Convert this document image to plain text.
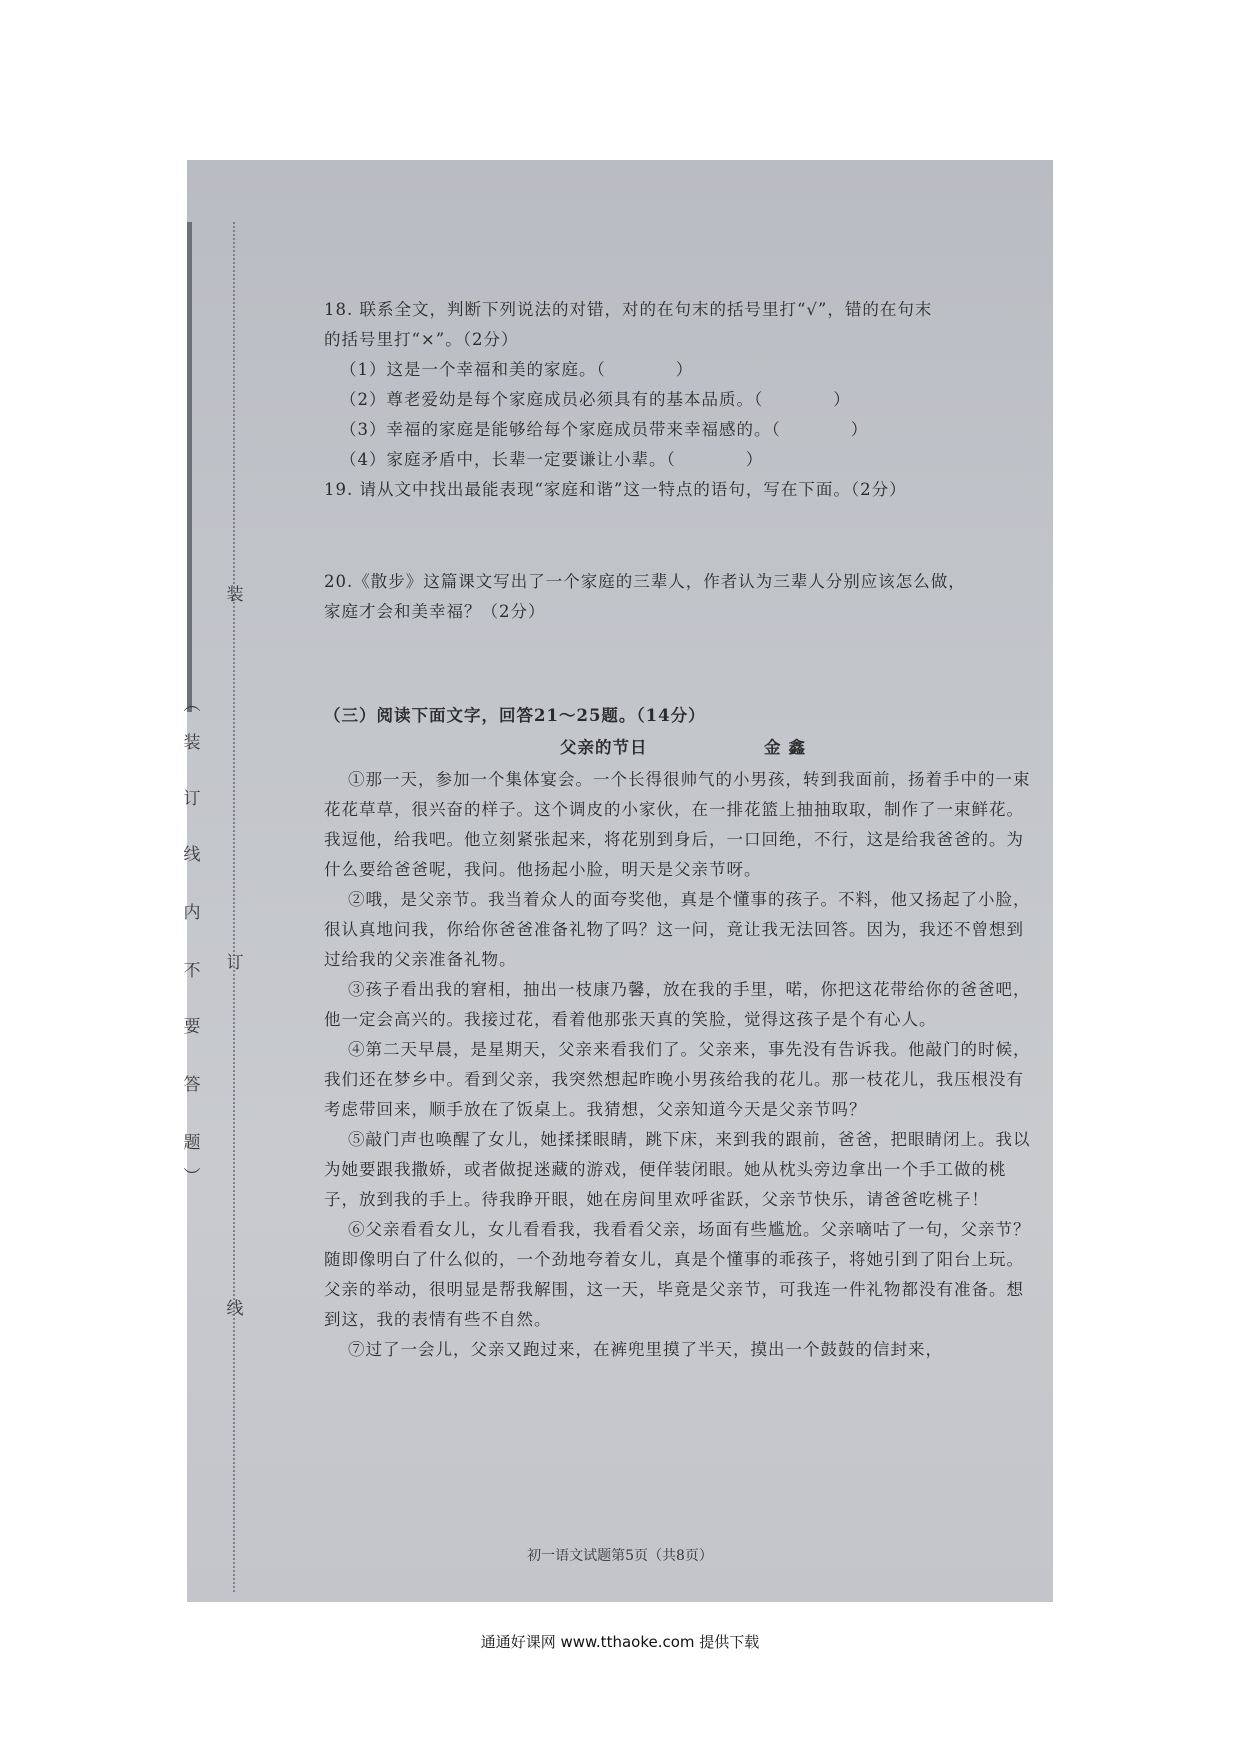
装
︵
装
订
线
内
不
要
答
题
︶
订
线
18. 联系全文，判断下列说法的对错，对的在句末的括号里打“√”，错的在句末
的括号里打“×”。（2分）
（1）这是一个幸福和美的家庭。（　　　　）
（2）尊老爱幼是每个家庭成员必须具有的基本品质。（　　　　）
（3）幸福的家庭是能够给每个家庭成员带来幸福感的。（　　　　）
（4）家庭矛盾中，长辈一定要谦让小辈。（　　　　）
19. 请从文中找出最能表现“家庭和谐”这一特点的语句，写在下面。（2分）
20.《散步》这篇课文写出了一个家庭的三辈人，作者认为三辈人分别应该怎么做，
家庭才会和美幸福？（2分）
（三）阅读下面文字，回答21～25题。（14分）
父亲的节日	金鑫
①那一天，参加一个集体宴会。一个长得很帅气的小男孩，转到我面前，扬着手中的一束花花草草，很兴奋的样子。这个调皮的小家伙，在一排花篮上抽抽取取，制作了一束鲜花。我逗他，给我吧。他立刻紧张起来，将花别到身后，一口回绝，不行，这是给我爸爸的。为什么要给爸爸呢，我问。他扬起小脸，明天是父亲节呀。
②哦，是父亲节。我当着众人的面夸奖他，真是个懂事的孩子。不料，他又扬起了小脸，很认真地问我，你给你爸爸准备礼物了吗？这一问，竟让我无法回答。因为，我还不曾想到过给我的父亲准备礼物。
③孩子看出我的窘相，抽出一枝康乃馨，放在我的手里，喏，你把这花带给你的爸爸吧，他一定会高兴的。我接过花，看着他那张天真的笑脸，觉得这孩子是个有心人。
④第二天早晨，是星期天，父亲来看我们了。父亲来，事先没有告诉我。他敲门的时候，我们还在梦乡中。看到父亲，我突然想起昨晚小男孩给我的花儿。那一枝花儿，我压根没有考虑带回来，顺手放在了饭桌上。我猜想，父亲知道今天是父亲节吗？
⑤敲门声也唤醒了女儿，她揉揉眼睛，跳下床，来到我的跟前，爸爸，把眼睛闭上。我以为她要跟我撒娇，或者做捉迷藏的游戏，便佯装闭眼。她从枕头旁边拿出一个手工做的桃子，放到我的手上。待我睁开眼，她在房间里欢呼雀跃，父亲节快乐，请爸爸吃桃子！
⑥父亲看看女儿，女儿看看我，我看看父亲，场面有些尴尬。父亲嘀咕了一句，父亲节？随即像明白了什么似的，一个劲地夸着女儿，真是个懂事的乖孩子，将她引到了阳台上玩。父亲的举动，很明显是帮我解围，这一天，毕竟是父亲节，可我连一件礼物都没有准备。想到这，我的表情有些不自然。
⑦过了一会儿，父亲又跑过来，在裤兜里摸了半天，摸出一个鼓鼓的信封来，
初一语文试题第5页（共8页）
通通好课网 www.tthaoke.com 提供下载
